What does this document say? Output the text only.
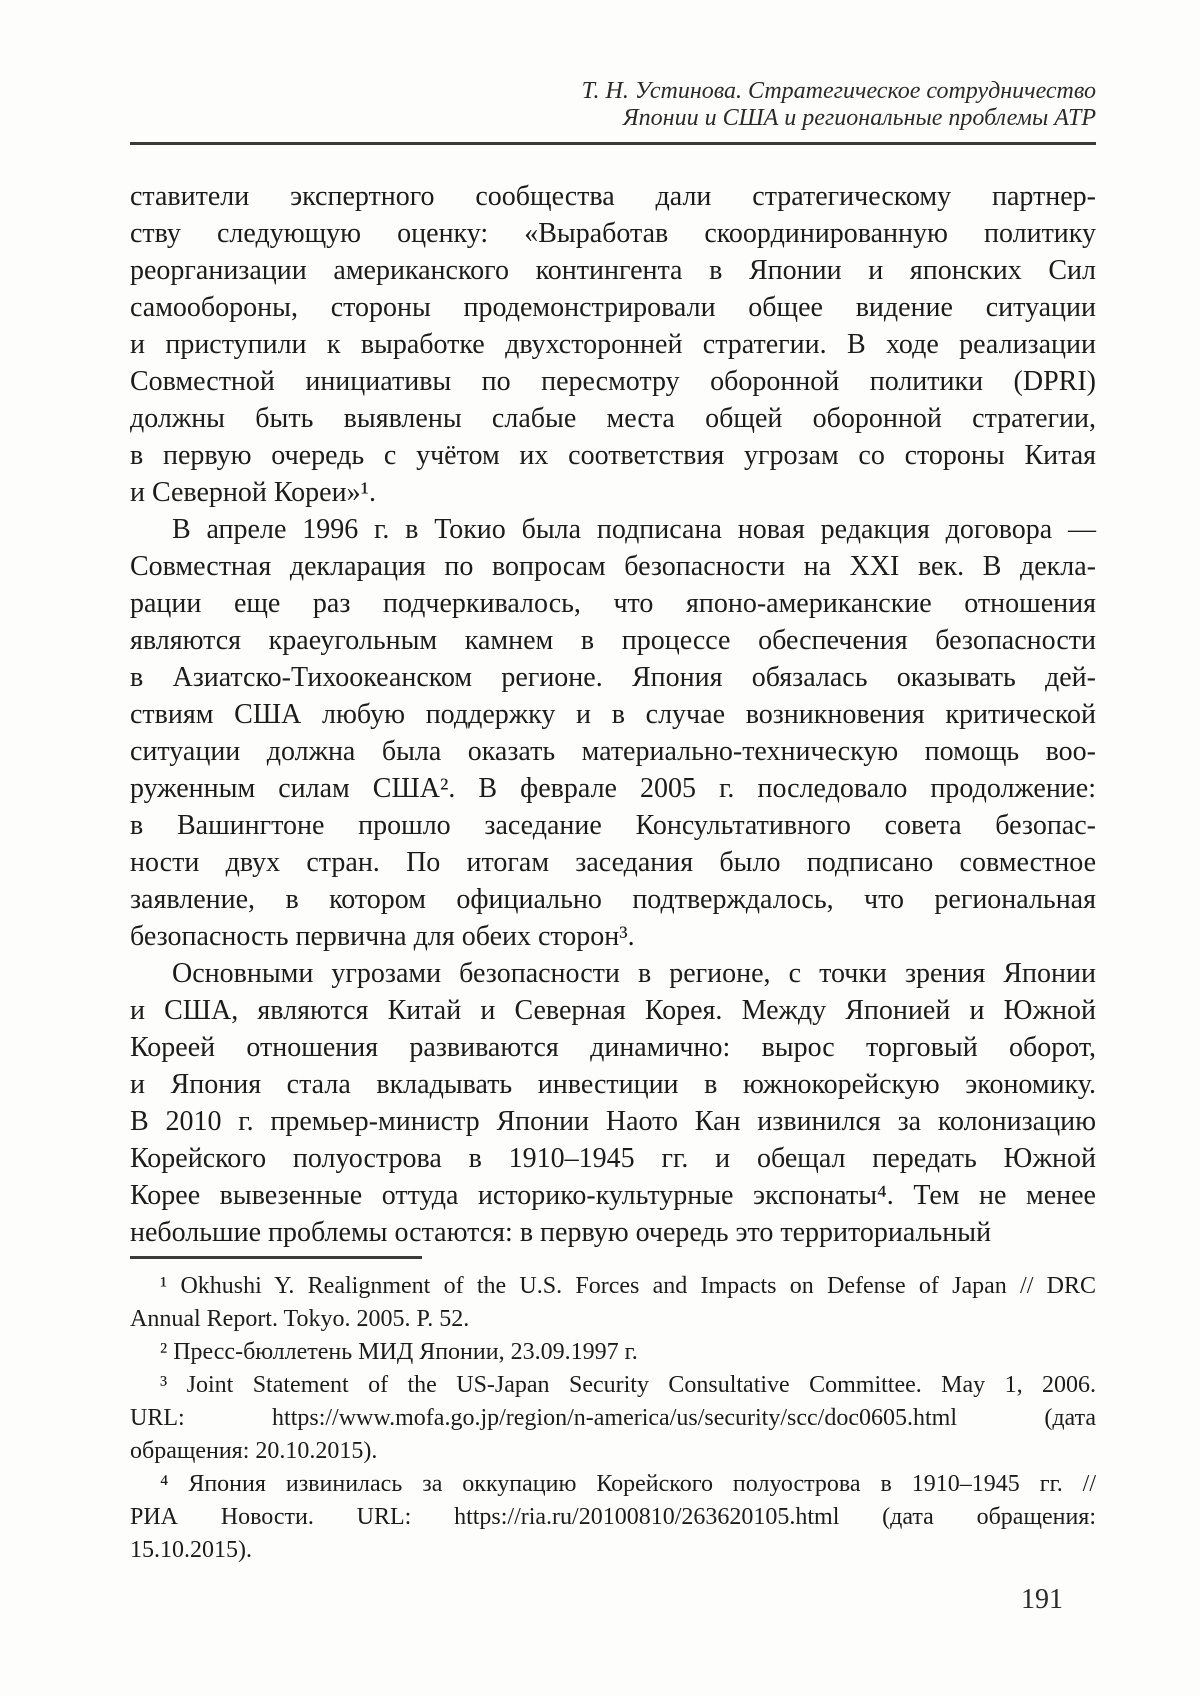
Т. Н. Устинова. Стратегическое сотрудничество
Японии и США и региональные проблемы АТР
ставители экспертного сообщества дали стратегическому партнер-
ству следующую оценку: «Выработав скоординированную политику
реорганизации американского контингента в Японии и японских Сил
самообороны, стороны продемонстрировали общее видение ситуации
и приступили к выработке двухсторонней стратегии. В ходе реализации
Совместной инициативы по пересмотру оборонной политики (DPRI)
должны быть выявлены слабые места общей оборонной стратегии,
в первую очередь с учётом их соответствия угрозам со стороны Китая
и Северной Кореи»¹.
В апреле 1996 г. в Токио была подписана новая редакция договора —
Совместная декларация по вопросам безопасности на XXI век. В декла-
рации еще раз подчеркивалось, что японо-американские отношения
являются краеугольным камнем в процессе обеспечения безопасности
в Азиатско-Тихоокеанском регионе. Япония обязалась оказывать дей-
ствиям США любую поддержку и в случае возникновения критической
ситуации должна была оказать материально-техническую помощь воо-
руженным силам США². В феврале 2005 г. последовало продолжение:
в Вашингтоне прошло заседание Консультативного совета безопас-
ности двух стран. По итогам заседания было подписано совместное
заявление, в котором официально подтверждалось, что региональная
безопасность первична для обеих сторон³.
Основными угрозами безопасности в регионе, с точки зрения Японии
и США, являются Китай и Северная Корея. Между Японией и Южной
Кореей отношения развиваются динамично: вырос торговый оборот,
и Япония стала вкладывать инвестиции в южнокорейскую экономику.
В 2010 г. премьер-министр Японии Наото Кан извинился за колонизацию
Корейского полуострова в 1910–1945 гг. и обещал передать Южной
Корее вывезенные оттуда историко-культурные экспонаты⁴. Тем не менее
небольшие проблемы остаются: в первую очередь это территориальный
¹ Okhushi Y. Realignment of the U.S. Forces and Impacts on Defense of Japan // DRC
Annual Report. Tokyo. 2005. P. 52.
² Пресс-бюллетень МИД Японии, 23.09.1997 г.
³ Joint Statement of the US-Japan Security Consultative Committee. May 1, 2006.
URL: https://www.mofa.go.jp/region/n-america/us/security/scc/doc0605.html (дата
обращения: 20.10.2015).
⁴ Япония извинилась за оккупацию Корейского полуострова в 1910–1945 гг. //
РИА Новости. URL: https://ria.ru/20100810/263620105.html (дата обращения:
15.10.2015).
191
